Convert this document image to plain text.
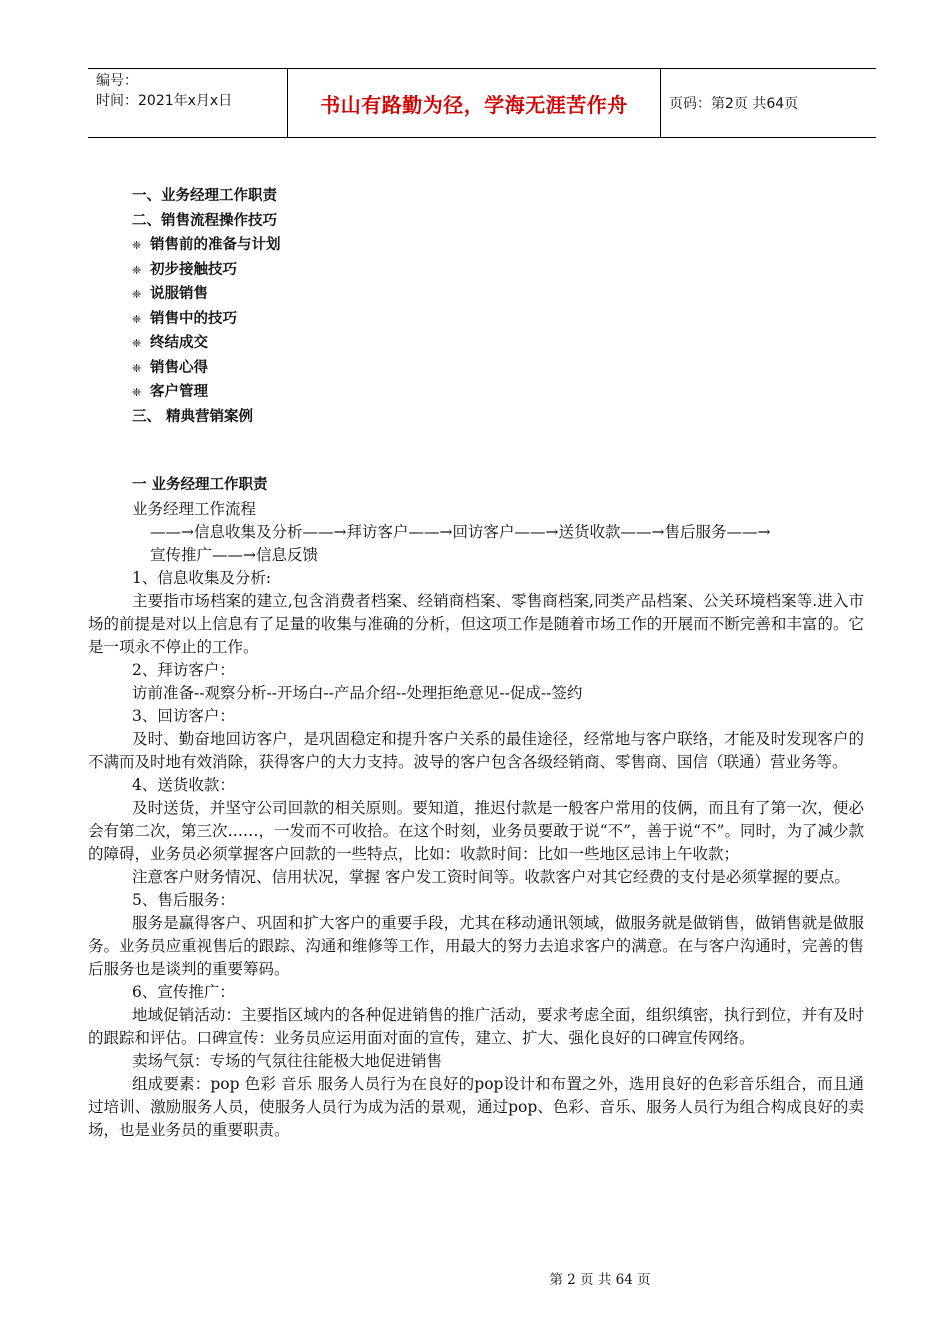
编号：
时间：2021年x月x日	书山有路勤为径，学海无涯苦作舟	页码：第2页 共64页
一、业务经理工作职责
二、销售流程操作技巧
❈ 销售前的准备与计划
❈ 初步接触技巧
❈ 说服销售
❈ 销售中的技巧
❈ 终结成交
❈ 销售心得
❈ 客户管理
三、 精典营销案例
一 业务经理工作职责

业务经理工作流程

——→信息收集及分析——→拜访客户——→回访客户——→送货收款——→售后服务——→

宣传推广——→信息反馈

1、信息收集及分析:

主要指市场档案的建立,包含消费者档案、经销商档案、零售商档案,同类产品档案、公关环境档案等.进入市场的前提是对以上信息有了足量的收集与准确的分析，但这项工作是随着市场工作的开展而不断完善和丰富的。它是一项永不停止的工作。

2、拜访客户：

访前准备--观察分析--开场白--产品介绍--处理拒绝意见--促成--签约

3、回访客户：

及时、勤奋地回访客户，是巩固稳定和提升客户关系的最佳途径，经常地与客户联络，才能及时发现客户的不满而及时地有效消除，获得客户的大力支持。波导的客户包含各级经销商、零售商、国信（联通）营业务等。

4、送货收款：

及时送货，并坚守公司回款的相关原则。要知道，推迟付款是一般客户常用的伎俩，而且有了第一次，便必会有第二次，第三次……，一发而不可收拾。在这个时刻，业务员要敢于说“不”，善于说“不”。同时，为了减少款的障碍，业务员必须掌握客户回款的一些特点，比如：收款时间：比如一些地区忌讳上午收款；

注意客户财务情况、信用状况，掌握 客户发工资时间等。收款客户对其它经费的支付是必须掌握的要点。

5、售后服务：

服务是赢得客户、巩固和扩大客户的重要手段，尤其在移动通讯领域，做服务就是做销售，做销售就是做服务。业务员应重视售后的跟踪、沟通和维修等工作，用最大的努力去追求客户的满意。在与客户沟通时，完善的售后服务也是谈判的重要筹码。

6、宣传推广：

地域促销活动：主要指区域内的各种促进销售的推广活动，要求考虑全面，组织缜密，执行到位，并有及时的跟踪和评估。口碑宣传：业务员应运用面对面的宣传，建立、扩大、强化良好的口碑宣传网络。

卖场气氛：专场的气氛往往能极大地促进销售

组成要素：pop 色彩 音乐 服务人员行为在良好的pop设计和布置之外，选用良好的色彩音乐组合，而且通过培训、激励服务人员，使服务人员行为成为活的景观，通过pop、色彩、音乐、服务人员行为组合构成良好的卖场，也是业务员的重要职责。

第 2 页 共 64 页
